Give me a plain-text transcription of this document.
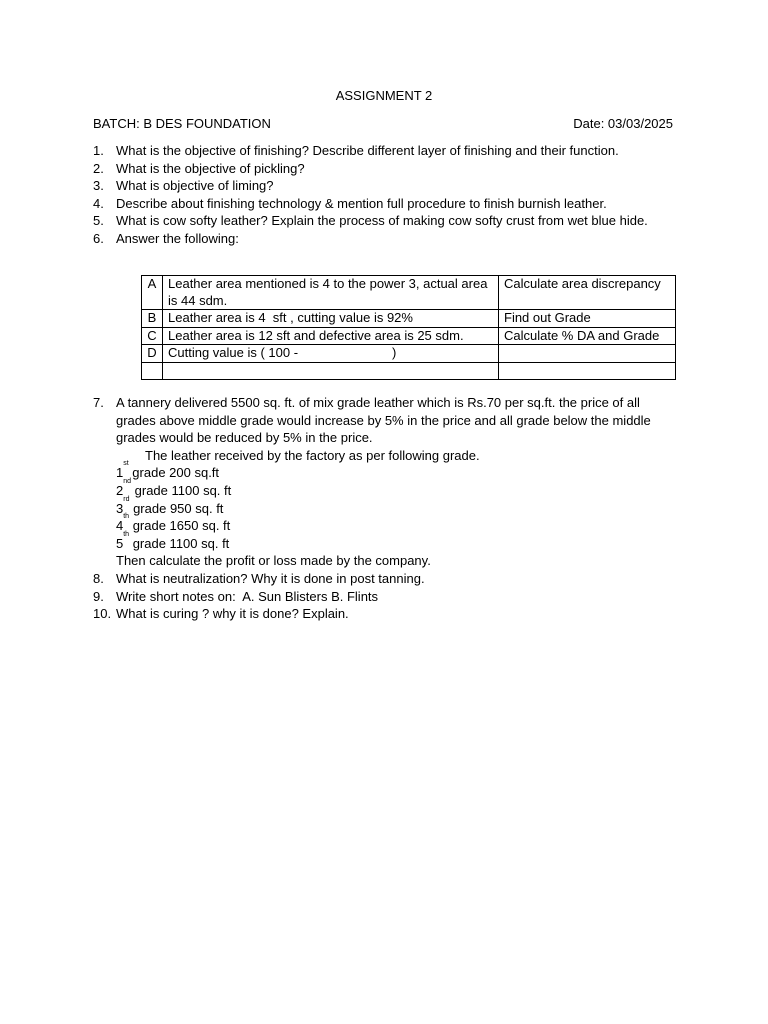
ASSIGNMENT 2
BATCH: B DES FOUNDATION	Date: 03/03/2025
1. What is the objective of finishing? Describe different layer of finishing and their function.
2. What is the objective of pickling?
3. What is objective of liming?
4. Describe about finishing technology & mention full procedure to finish burnish leather.
5. What is cow softy leather? Explain the process of making cow softy crust from wet blue hide.
6. Answer the following:
A	Leather area mentioned is 4 to the power 3, actual area is 44 sdm.	Calculate area discrepancy
B	Leather area is 4  sft , cutting value is 92%	Find out Grade
C	Leather area is 12 sft and defective area is 25 sdm.	Calculate % DA and Grade
D	Cutting value is ( 100 -                          )	

7. A tannery delivered 5500 sq. ft. of mix grade leather which is Rs.70 per sq.ft. the price of all grades above middle grade would increase by 5% in the price and all grade below the middle grades would be reduced by 5% in the price.
The leather received by the factory as per following grade.
1
st
grade 200 sq.ft
2
nd
grade 1100 sq. ft
3
rd
grade 950 sq. ft
4
th
grade 1650 sq. ft
5
th
grade 1100 sq. ft
Then calculate the profit or loss made by the company.
8. What is neutralization? Why it is done in post tanning.
9. Write short notes on:  A. Sun Blisters B. Flints
10. What is curing ? why it is done? Explain.
